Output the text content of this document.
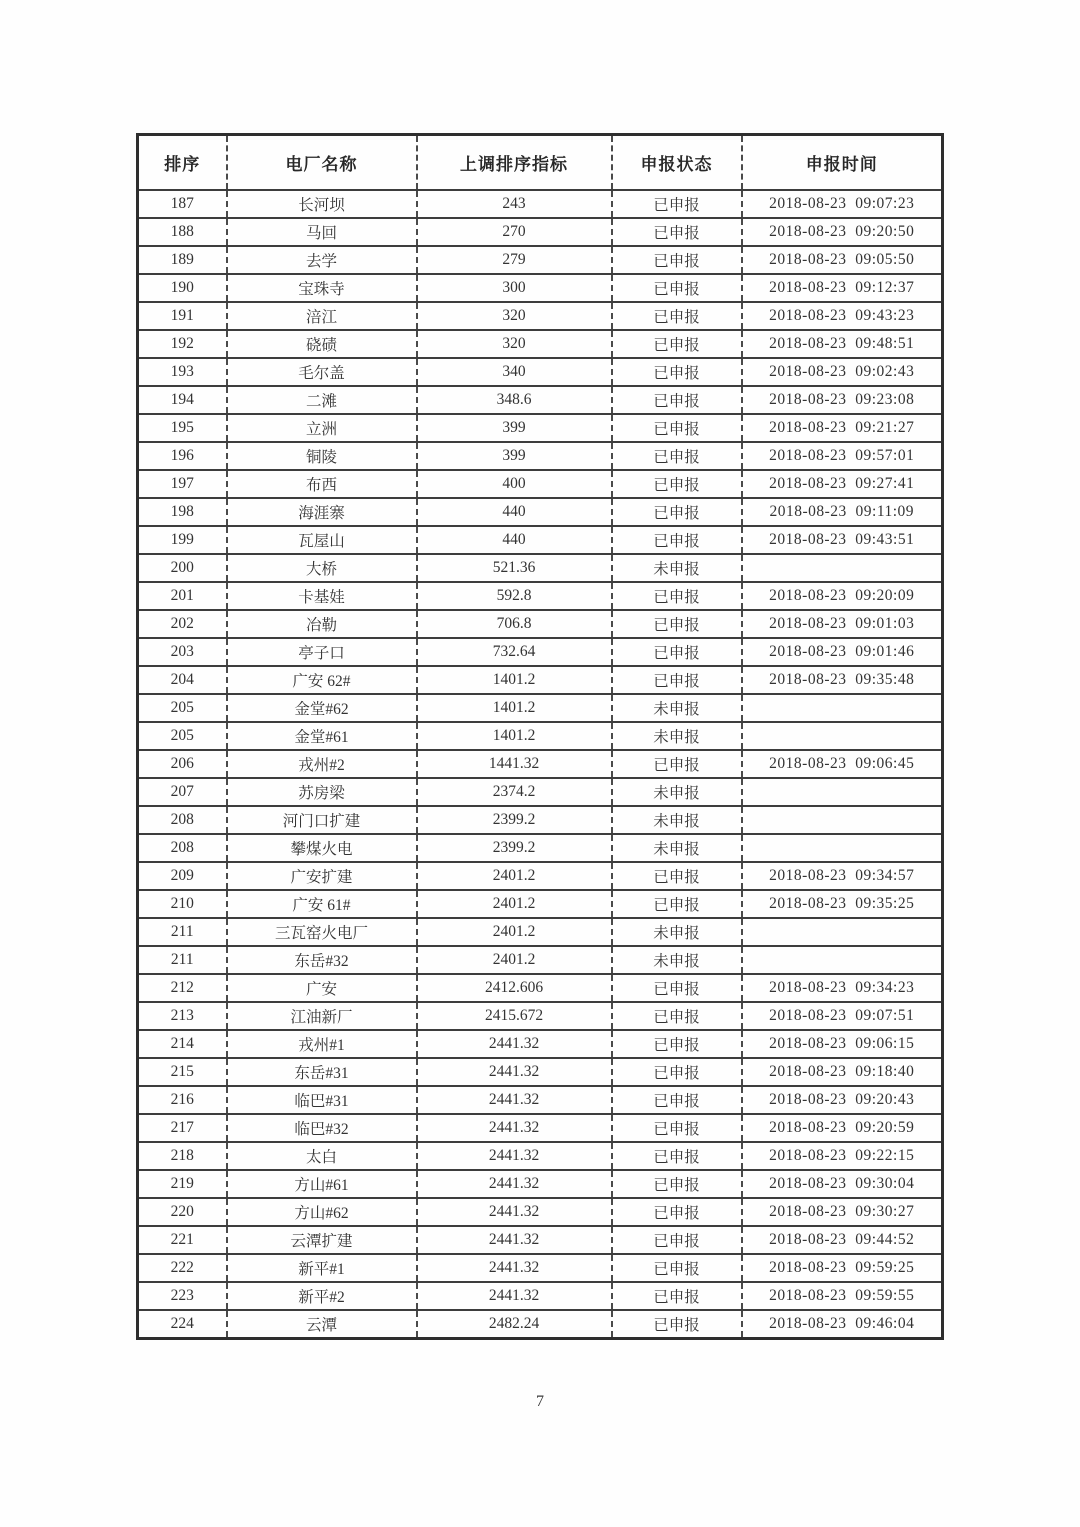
排序	电厂名称	上调排序指标	申报状态	申报时间
187	长河坝	243	已申报	2018-08-23  09:07:23
188	马回	270	已申报	2018-08-23  09:20:50
189	去学	279	已申报	2018-08-23  09:05:50
190	宝珠寺	300	已申报	2018-08-23  09:12:37
191	涪江	320	已申报	2018-08-23  09:43:23
192	硗碛	320	已申报	2018-08-23  09:48:51
193	毛尔盖	340	已申报	2018-08-23  09:02:43
194	二滩	348.6	已申报	2018-08-23  09:23:08
195	立洲	399	已申报	2018-08-23  09:21:27
196	铜陵	399	已申报	2018-08-23  09:57:01
197	布西	400	已申报	2018-08-23  09:27:41
198	海涯寨	440	已申报	2018-08-23  09:11:09
199	瓦屋山	440	已申报	2018-08-23  09:43:51
200	大桥	521.36	未申报	
201	卡基娃	592.8	已申报	2018-08-23  09:20:09
202	冶勒	706.8	已申报	2018-08-23  09:01:03
203	亭子口	732.64	已申报	2018-08-23  09:01:46
204	广安 62#	1401.2	已申报	2018-08-23  09:35:48
205	金堂#62	1401.2	未申报	
205	金堂#61	1401.2	未申报	
206	戎州#2	1441.32	已申报	2018-08-23  09:06:45
207	苏房梁	2374.2	未申报	
208	河门口扩建	2399.2	未申报	
208	攀煤火电	2399.2	未申报	
209	广安扩建	2401.2	已申报	2018-08-23  09:34:57
210	广安 61#	2401.2	已申报	2018-08-23  09:35:25
211	三瓦窑火电厂	2401.2	未申报	
211	东岳#32	2401.2	未申报	
212	广安	2412.606	已申报	2018-08-23  09:34:23
213	江油新厂	2415.672	已申报	2018-08-23  09:07:51
214	戎州#1	2441.32	已申报	2018-08-23  09:06:15
215	东岳#31	2441.32	已申报	2018-08-23  09:18:40
216	临巴#31	2441.32	已申报	2018-08-23  09:20:43
217	临巴#32	2441.32	已申报	2018-08-23  09:20:59
218	太白	2441.32	已申报	2018-08-23  09:22:15
219	方山#61	2441.32	已申报	2018-08-23  09:30:04
220	方山#62	2441.32	已申报	2018-08-23  09:30:27
221	云潭扩建	2441.32	已申报	2018-08-23  09:44:52
222	新平#1	2441.32	已申报	2018-08-23  09:59:25
223	新平#2	2441.32	已申报	2018-08-23  09:59:55
224	云潭	2482.24	已申报	2018-08-23  09:46:04
7
